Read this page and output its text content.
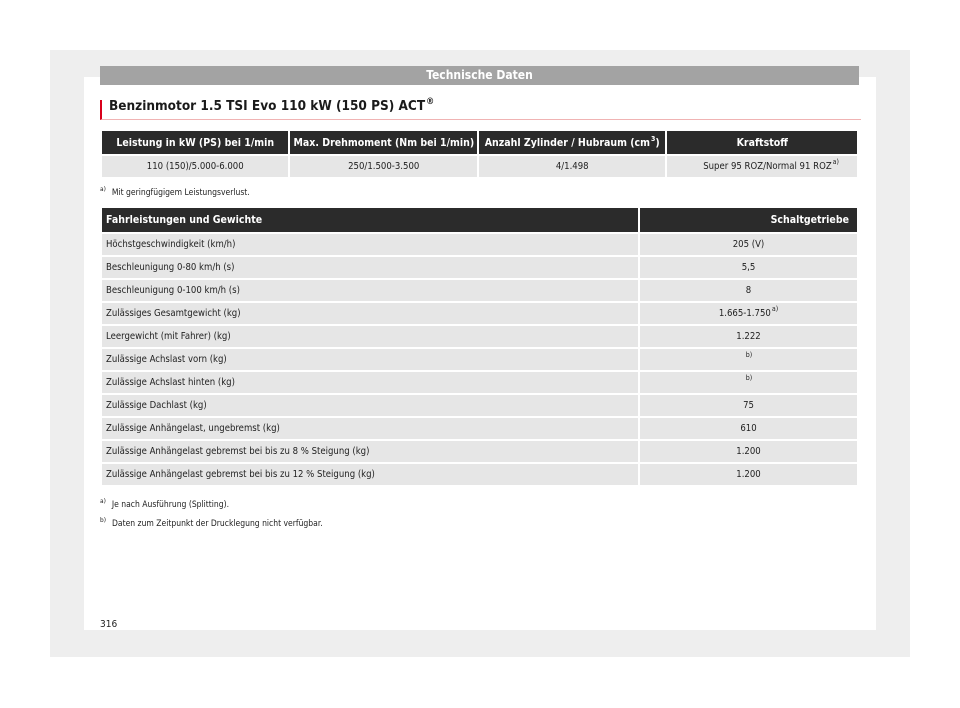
Technische Daten
Benzinmotor 1.5 TSI Evo 110 kW (150 PS) ACT®
Leistung in kW (PS) bei 1/min	Max. Drehmoment (Nm bei 1/min)	Anzahl Zylinder / Hubraum (cm$^3$)	Kraftstoff
110 (150)/5.000-6.000	250/1.500-3.500	4/1.498	Super 95 ROZ/Normal 91 ROZ$^{a)}$
$^{a)}$ Mit geringfügigem Leistungsverlust.
Fahrleistungen und Gewichte	Schaltgetriebe
Höchstgeschwindigkeit (km/h)	205 (V)
Beschleunigung 0-80 km/h (s)	5,5
Beschleunigung 0-100 km/h (s)	8
Zulässiges Gesamtgewicht (kg)	1.665-1.750$^{a)}$
Leergewicht (mit Fahrer) (kg)	1.222
Zulässige Achslast vorn (kg)	$^{b)}$
Zulässige Achslast hinten (kg)	$^{b)}$
Zulässige Dachlast (kg)	75
Zulässige Anhängelast, ungebremst (kg)	610
Zulässige Anhängelast gebremst bei bis zu 8 % Steigung (kg)	1.200
Zulässige Anhängelast gebremst bei bis zu 12 % Steigung (kg)	1.200
$^{a)}$ Je nach Ausführung (Splitting).
$^{b)}$ Daten zum Zeitpunkt der Drucklegung nicht verfügbar.
316
